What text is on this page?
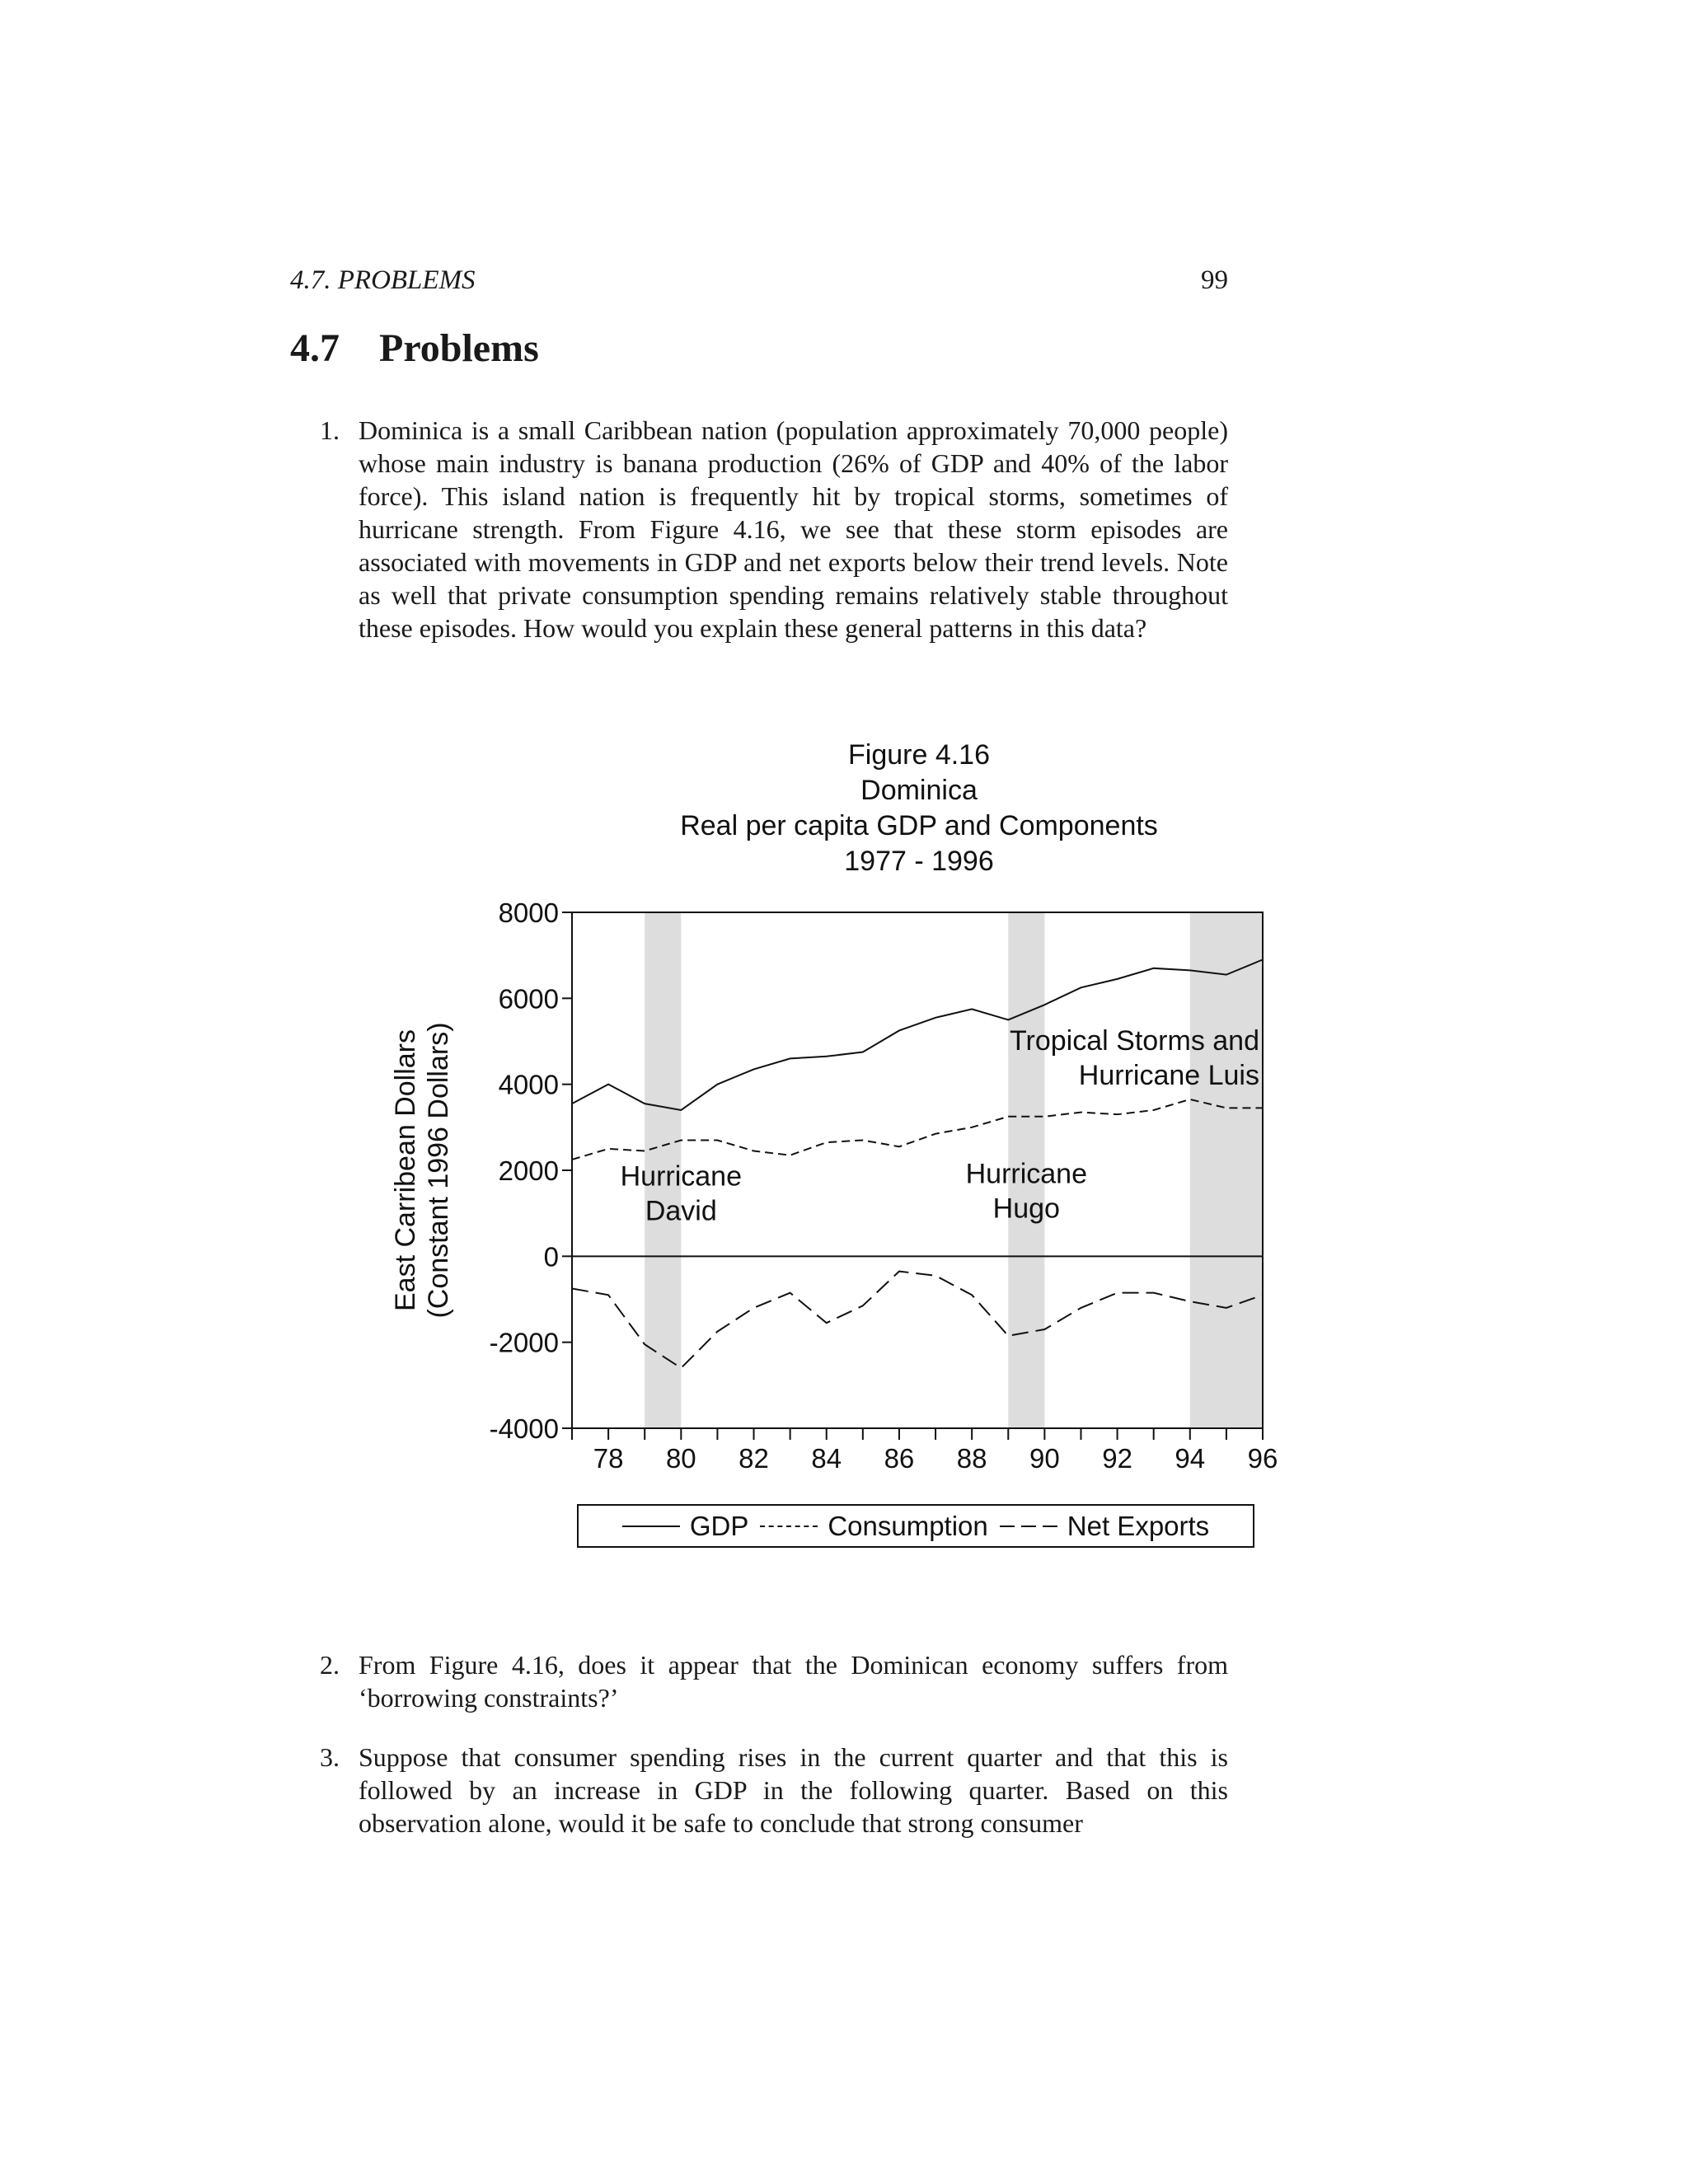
4.7. PROBLEMS	99
4.7 Problems
1. Dominica is a small Caribbean nation (population approximately 70,000 people) whose main industry is banana production (26% of GDP and 40% of the labor force). This island nation is frequently hit by tropical storms, sometimes of hurricane strength. From Figure 4.16, we see that these storm episodes are associated with movements in GDP and net exports below their trend levels. Note as well that private consumption spending remains relatively stable throughout these episodes. How would you explain these general patterns in this data?
Figure 4.16
Dominica
Real per capita GDP and Components
1977 - 1996
-4000
-2000
0
2000
4000
6000
8000
78 80 82 84 86 88 90 92 94 96
East Carribean Dollars (Constant 1996 Dollars)	Hurricane
David
Hurricane
Hugo
Tropical Storms and
Hurricane Luis
GDP	Consumption	Net Exports
2. From Figure 4.16, does it appear that the Dominican economy suffers from ‘borrowing constraints?’
3. Suppose that consumer spending rises in the current quarter and that this is followed by an increase in GDP in the following quarter. Based on this observation alone, would it be safe to conclude that strong consumer
